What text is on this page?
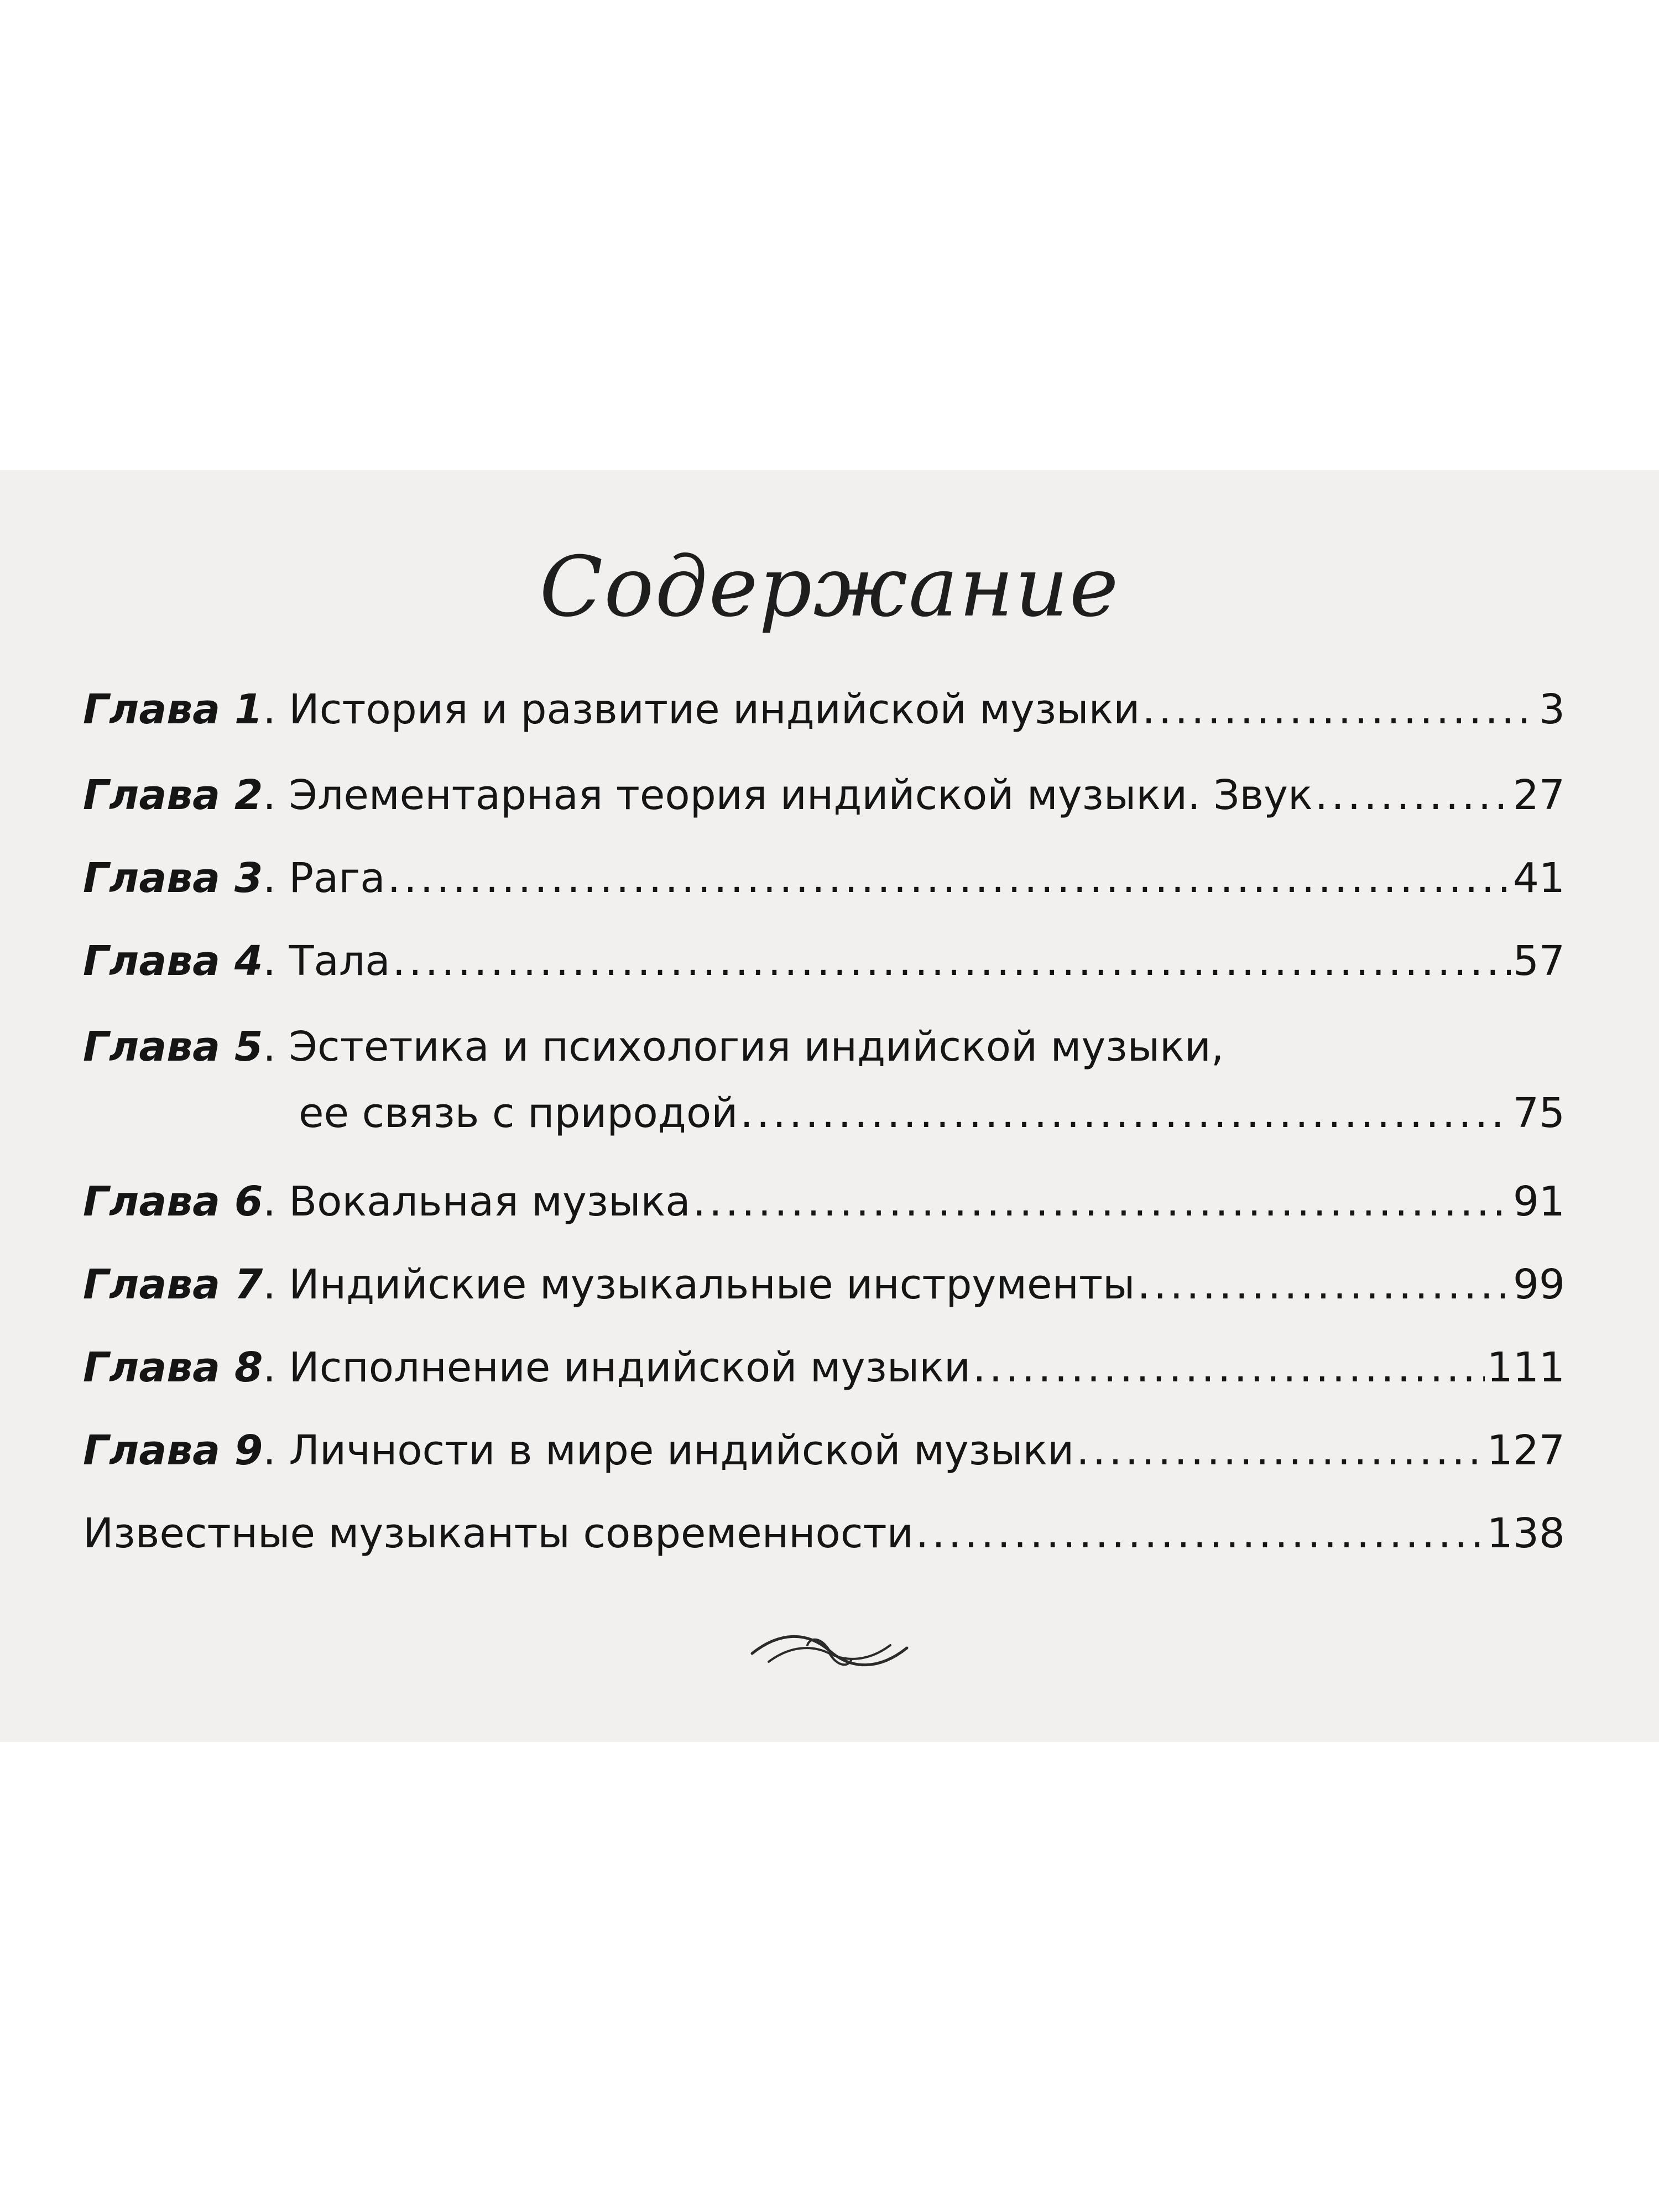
Содержание
Глава 1 . История и развитие индийской музыки .....	3
Глава 2 . Элементарная теория индийской музыки. Звук .....	27
Глава 3 . Рага .....	41
Глава 4 . Тала .....	57
Глава 5 . Эстетика и психология индийской музыки,
ее связь с природой .....	75
Глава 6 . Вокальная музыка .....	91
Глава 7 . Индийские музыкальные инструменты .....	99
Глава 8 . Исполнение индийской музыки .....	111
Глава 9 . Личности в мире индийской музыки .....	127
Известные музыканты современности .....	138
